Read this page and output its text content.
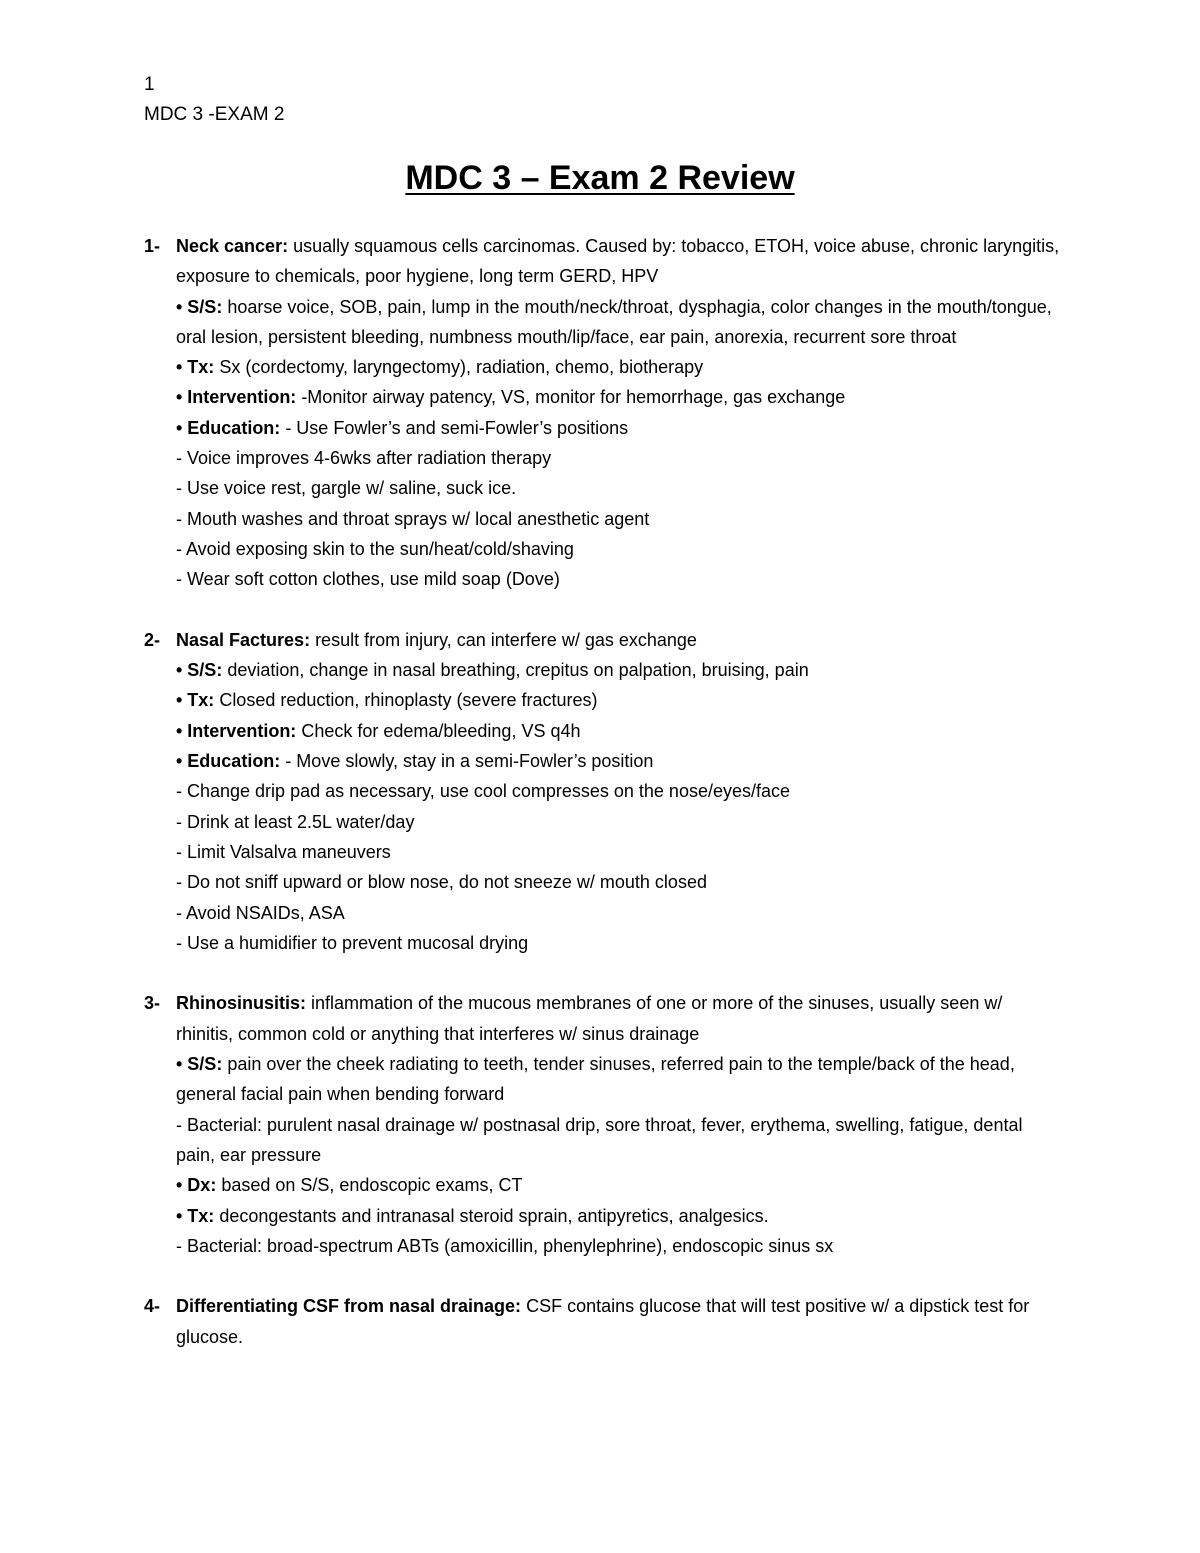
1
MDC 3 -EXAM 2
MDC 3 – Exam 2 Review
1- Neck cancer: usually squamous cells carcinomas. Caused by: tobacco, ETOH, voice abuse, chronic laryngitis, exposure to chemicals, poor hygiene, long term GERD, HPV
• S/S: hoarse voice, SOB, pain, lump in the mouth/neck/throat, dysphagia, color changes in the mouth/tongue, oral lesion, persistent bleeding, numbness mouth/lip/face, ear pain, anorexia, recurrent sore throat
• Tx: Sx (cordectomy, laryngectomy), radiation, chemo, biotherapy
• Intervention: -Monitor airway patency, VS, monitor for hemorrhage, gas exchange
• Education: - Use Fowler’s and semi-Fowler’s positions
- Voice improves 4-6wks after radiation therapy
- Use voice rest, gargle w/ saline, suck ice.
- Mouth washes and throat sprays w/ local anesthetic agent
- Avoid exposing skin to the sun/heat/cold/shaving
- Wear soft cotton clothes, use mild soap (Dove)
2- Nasal Factures: result from injury, can interfere w/ gas exchange
• S/S: deviation, change in nasal breathing, crepitus on palpation, bruising, pain
• Tx: Closed reduction, rhinoplasty (severe fractures)
• Intervention: Check for edema/bleeding, VS q4h
• Education: - Move slowly, stay in a semi-Fowler’s position
- Change drip pad as necessary, use cool compresses on the nose/eyes/face
- Drink at least 2.5L water/day
- Limit Valsalva maneuvers
- Do not sniff upward or blow nose, do not sneeze w/ mouth closed
- Avoid NSAIDs, ASA
- Use a humidifier to prevent mucosal drying
3- Rhinosinusitis: inflammation of the mucous membranes of one or more of the sinuses, usually seen w/ rhinitis, common cold or anything that interferes w/ sinus drainage
• S/S: pain over the cheek radiating to teeth, tender sinuses, referred pain to the temple/back of the head, general facial pain when bending forward
- Bacterial: purulent nasal drainage w/ postnasal drip, sore throat, fever, erythema, swelling, fatigue, dental pain, ear pressure
• Dx: based on S/S, endoscopic exams, CT
• Tx: decongestants and intranasal steroid sprain, antipyretics, analgesics.
- Bacterial: broad-spectrum ABTs (amoxicillin, phenylephrine), endoscopic sinus sx
4- Differentiating CSF from nasal drainage: CSF contains glucose that will test positive w/ a dipstick test for glucose.
